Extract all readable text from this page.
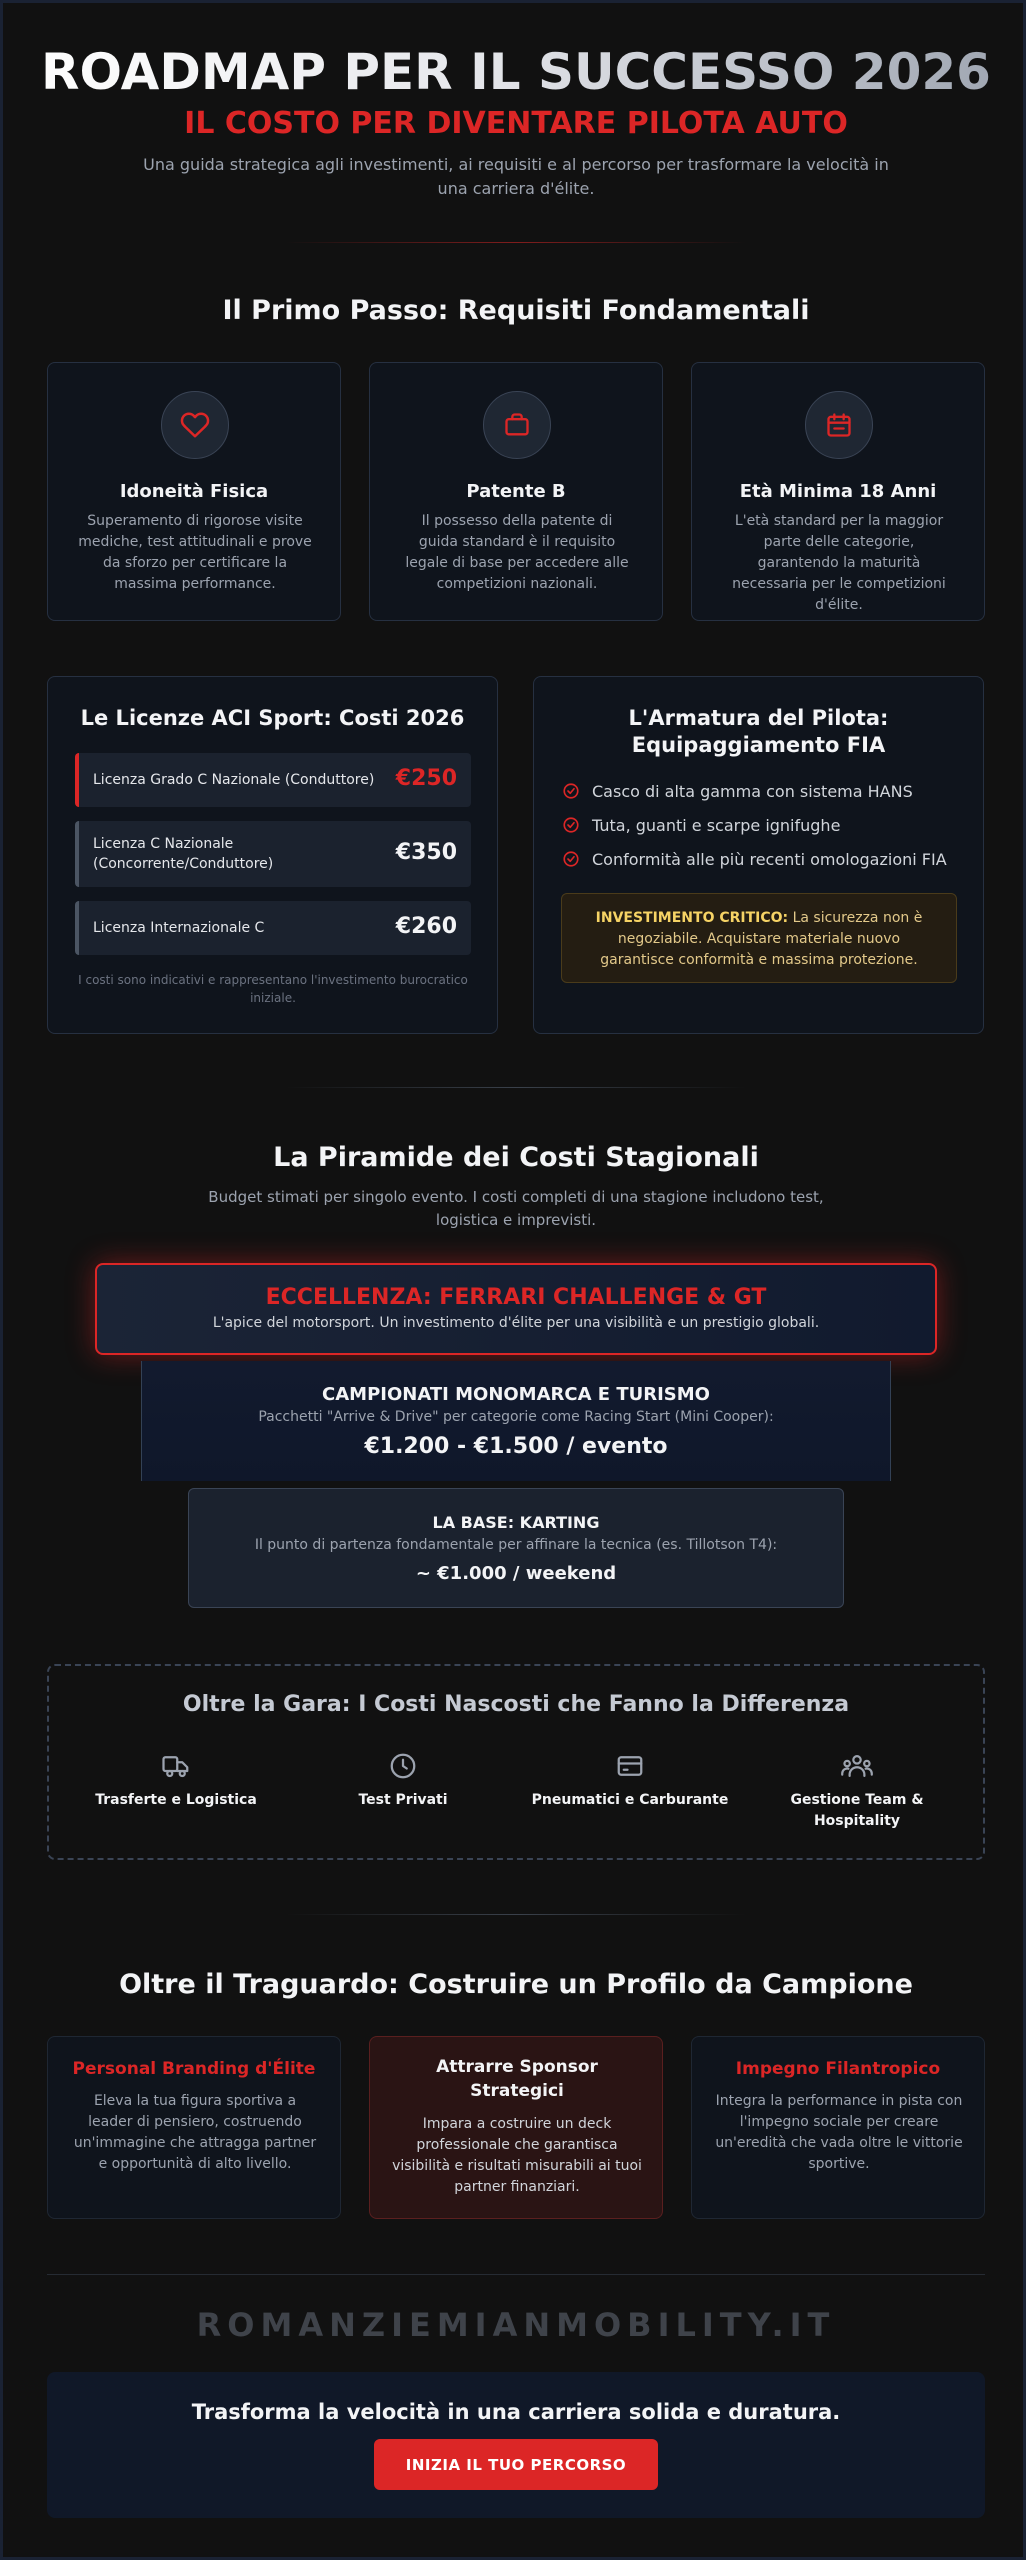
ROADMAP PER IL SUCCESSO 2026
IL COSTO PER DIVENTARE PILOTA AUTO

Una guida strategica agli investimenti, ai requisiti e al percorso per trasformare la velocità in una carriera d'élite.

Il Primo Passo: Requisiti Fondamentali
Idoneità Fisica
Superamento di rigorose visite mediche, test attitudinali e prove da sforzo per certificare la massima performance.
Patente B
Il possesso della patente di guida standard è il requisito legale di base per accedere alle competizioni nazionali.
Età Minima 18 Anni
L'età standard per la maggior parte delle categorie, garantendo la maturità necessaria per le competizioni d'élite.
Le Licenze ACI Sport: Costi 2026
Licenza Grado C Nazionale (Conduttore) €250
Licenza C Nazionale (Concorrente/Conduttore)	€350
Licenza Internazionale C	€260
I costi sono indicativi e rappresentano l'investimento burocratico iniziale.
L'Armatura del Pilota:
Equipaggiamento FIA
Casco di alta gamma con sistema HANS
Tuta, guanti e scarpe ignifughe
Conformità alle più recenti omologazioni FIA
INVESTIMENTO CRITICO: La sicurezza non è negoziabile. Acquistare materiale nuovo garantisce conformità e massima protezione.
La Piramide dei Costi Stagionali

Budget stimati per singolo evento. I costi completi di una stagione includono test, logistica e imprevisti.

ECCELLENZA: FERRARI CHALLENGE & GT
L'apice del motorsport. Un investimento d'élite per una visibilità e un prestigio globali.
CAMPIONATI MONOMARCA E TURISMO
Pacchetti "Arrive & Drive" per categorie come Racing Start (Mini Cooper):
€1.200 - €1.500 / evento
LA BASE: KARTING
Il punto di partenza fondamentale per affinare la tecnica (es. Tillotson T4):
~ €1.000 / weekend
Oltre la Gara: I Costi Nascosti che Fanno la Differenza
Trasferte e Logistica	Test Privati	Pneumatici e Carburante	Gestione Team & Hospitality
Oltre il Traguardo: Costruire un Profilo da Campione
Personal Branding d'Élite
Eleva la tua figura sportiva a leader di pensiero, costruendo un'immagine che attragga partner e opportunità di alto livello.
Attrarre Sponsor Strategici
Impara a costruire un deck professionale che garantisca visibilità e risultati misurabili ai tuoi partner finanziari.
Impegno Filantropico
Integra la performance in pista con l'impegno sociale per creare un'eredità che vada oltre le vittorie sportive.
ROMANZIEMIANMOBILITY.IT
Trasforma la velocità in una carriera solida e duratura.
INIZIA IL TUO PERCORSO
